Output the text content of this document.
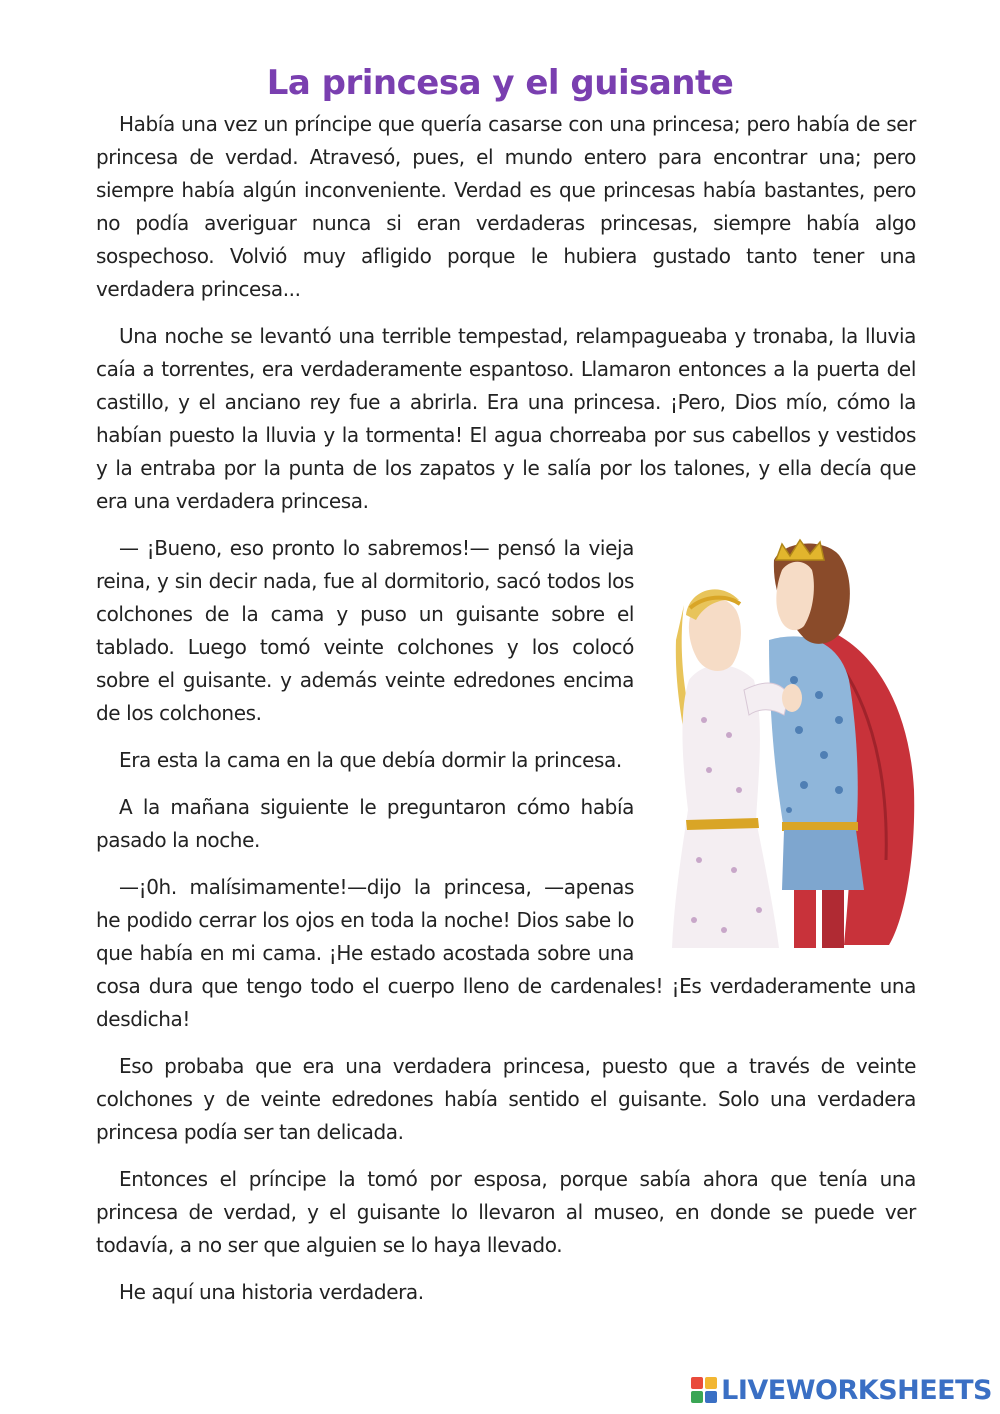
La princesa y el guisante

Había una vez un príncipe que quería casarse con una princesa; pero había de ser princesa de verdad. Atravesó, pues, el mundo entero para encontrar una; pero siempre había algún inconveniente. Verdad es que princesas había bastantes, pero no podía averiguar nunca si eran verdaderas princesas, siempre había algo sospechoso. Volvió muy afligido porque le hubiera gustado tanto tener una verdadera princesa...

Una noche se levantó una terrible tempestad, relampagueaba y tronaba, la lluvia caía a torrentes, era verdaderamente espantoso. Llamaron entonces a la puerta del castillo, y el anciano rey fue a abrirla. Era una princesa. ¡Pero, Dios mío, cómo la habían puesto la lluvia y la tormenta! El agua chorreaba por sus cabellos y vestidos y la entraba por la punta de los zapatos y le salía por los talones, y ella decía que era una verdadera princesa.

— ¡Bueno, eso pronto lo sabremos!— pensó la vieja reina, y sin decir nada, fue al dormitorio, sacó todos los colchones de la cama y puso un guisante sobre el tablado. Luego tomó veinte colchones y los colocó sobre el guisante. y además veinte edredones encima de los colchones.

Era esta la cama en la que debía dormir la princesa.

A la mañana siguiente le preguntaron cómo había pasado la noche.

—¡0h. malísimamente!—dijo la princesa, —apenas he podido cerrar los ojos en toda la noche! Dios sabe lo que había en mi cama. ¡He estado acostada sobre una cosa dura que tengo todo el cuerpo lleno de cardenales! ¡Es verdaderamente una desdicha!

Eso probaba que era una verdadera princesa, puesto que a través de veinte colchones y de veinte edredones había sentido el guisante. Solo una verdadera princesa podía ser tan delicada.

Entonces el príncipe la tomó por esposa, porque sabía ahora que tenía una princesa de verdad, y el guisante lo llevaron al museo, en donde se puede ver todavía, a no ser que alguien se lo haya llevado.

He aquí una historia verdadera.

LIVEWORKSHEETS
